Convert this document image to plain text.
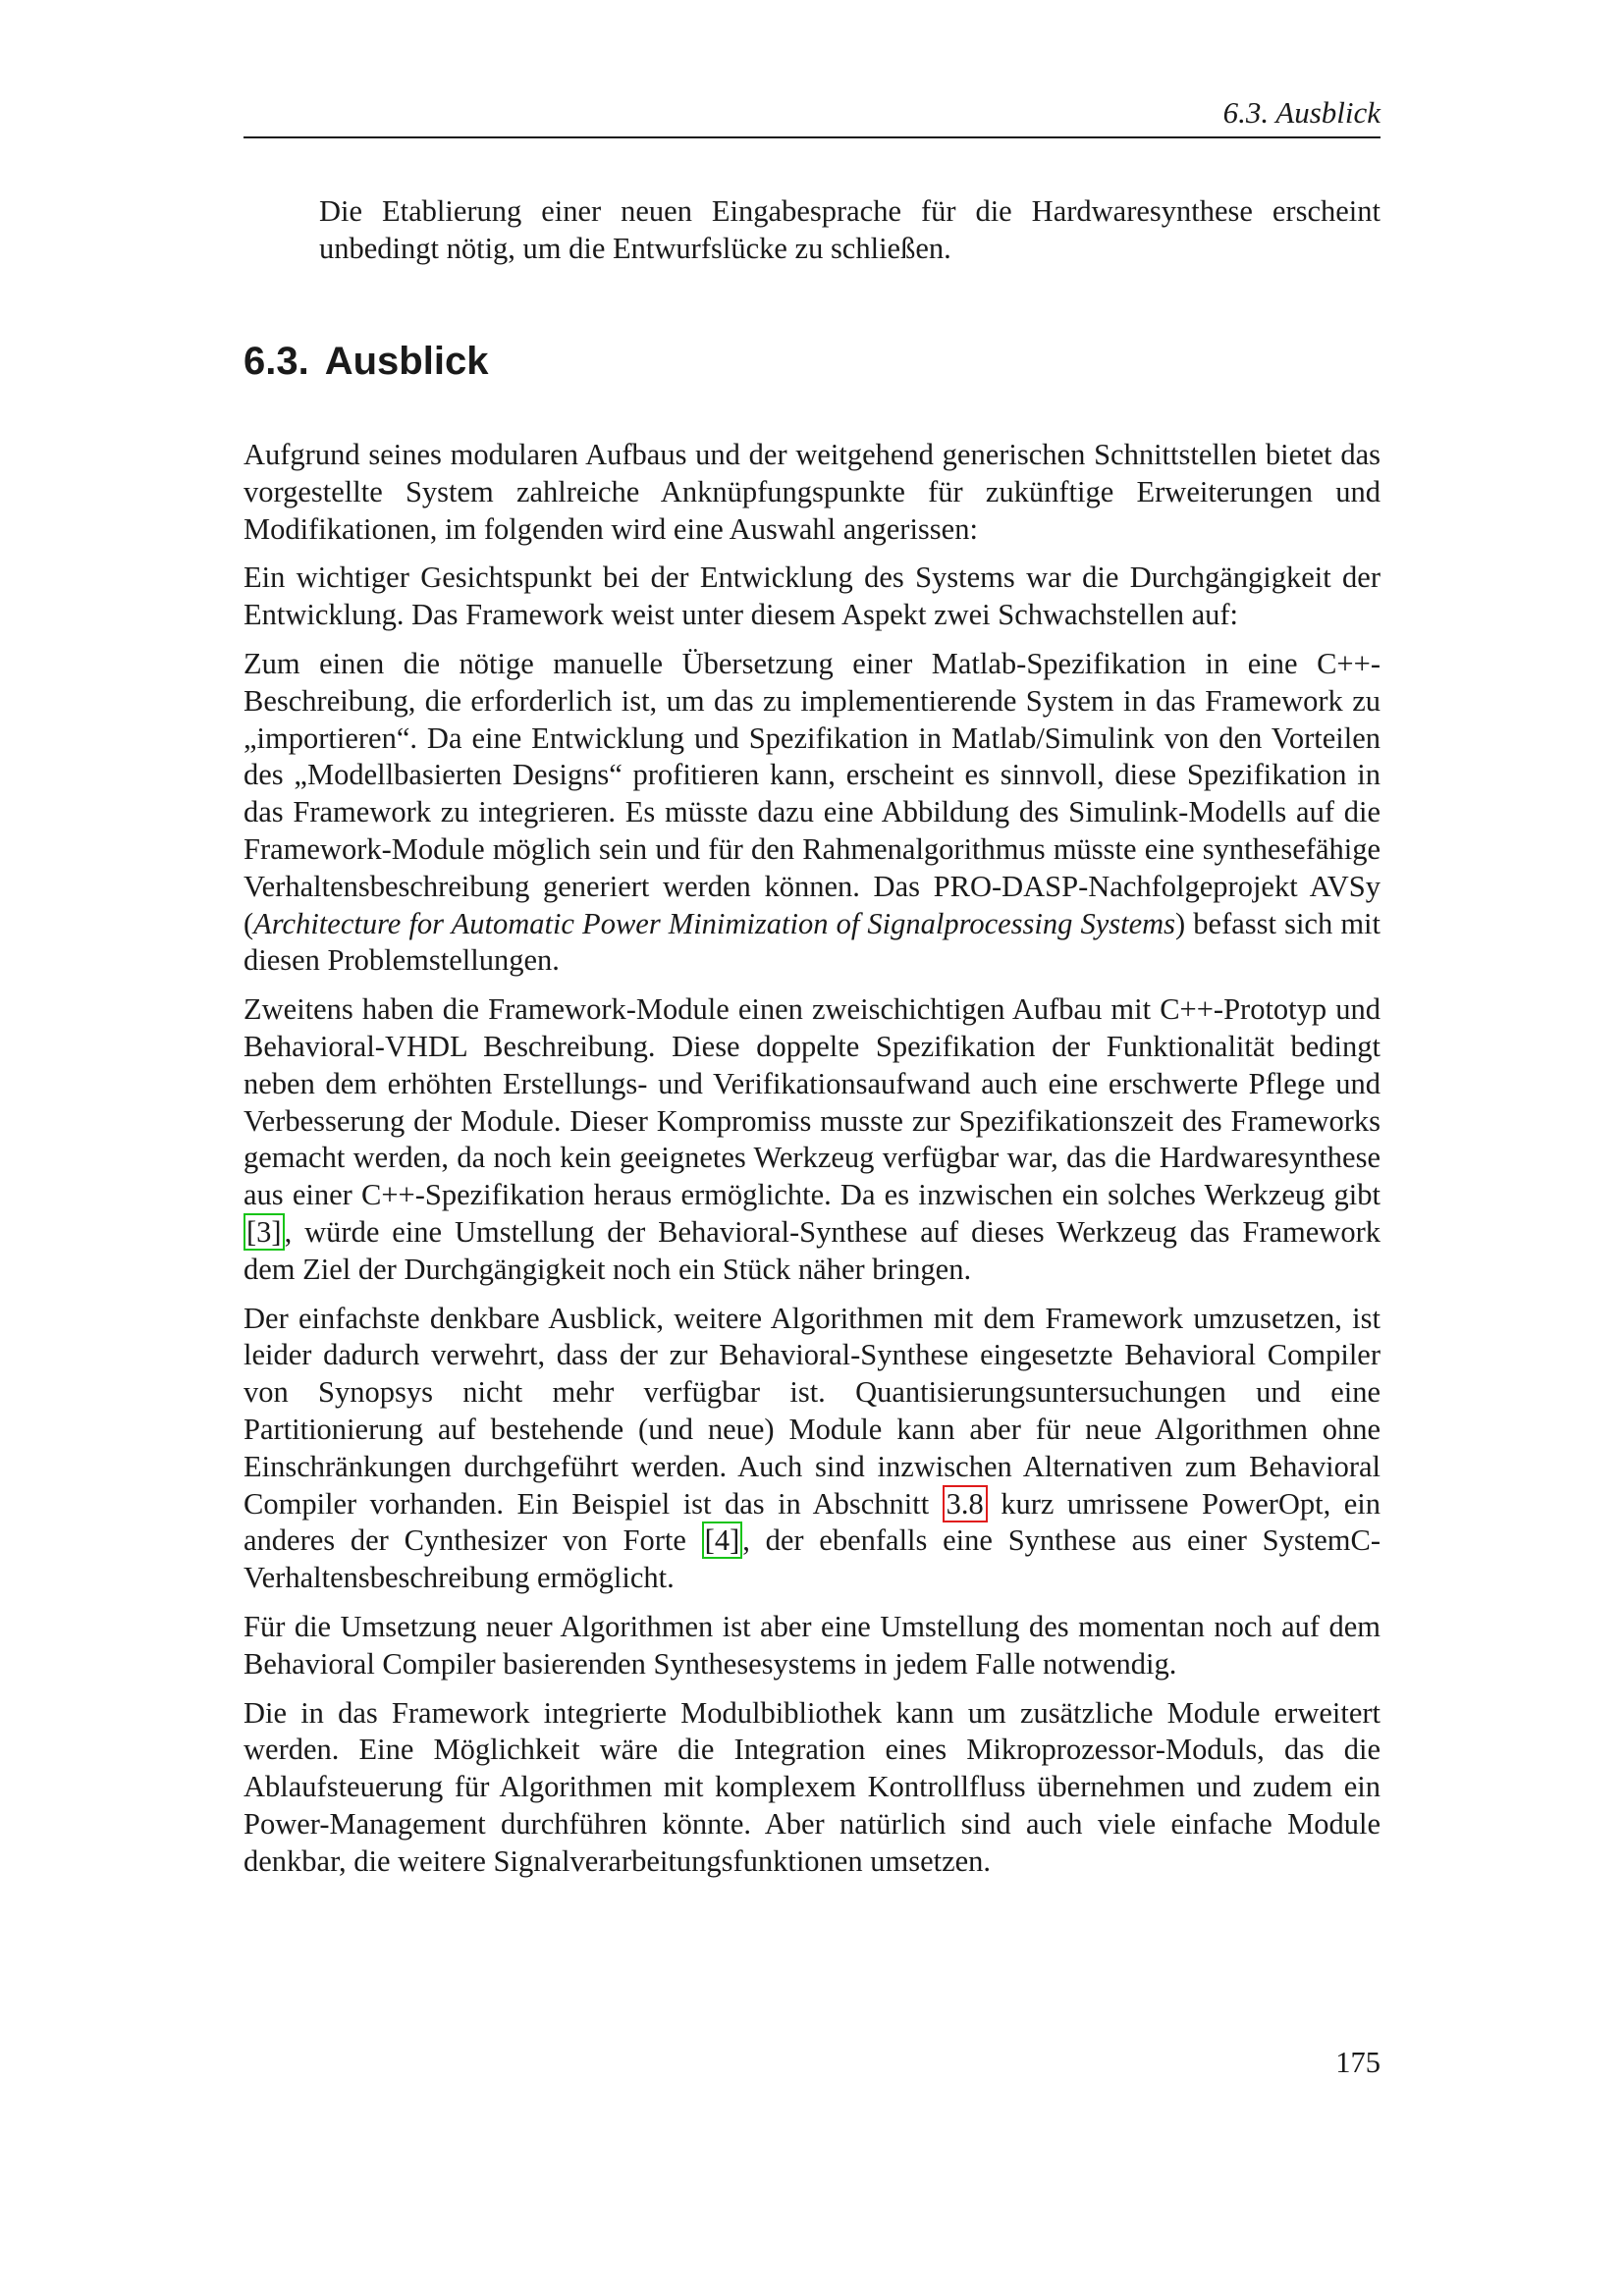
6.3. Ausblick
Die Etablierung einer neuen Eingabesprache für die Hardwaresynthese erscheint unbedingt nötig, um die Entwurfslücke zu schließen.
6.3. Ausblick

Aufgrund seines modularen Aufbaus und der weitgehend generischen Schnittstellen bietet das vorgestellte System zahlreiche Anknüpfungspunkte für zukünftige Erweiterungen und Modifikationen, im folgenden wird eine Auswahl angerissen:

Ein wichtiger Gesichtspunkt bei der Entwicklung des Systems war die Durchgängigkeit der Entwicklung. Das Framework weist unter diesem Aspekt zwei Schwachstellen auf:

Zum einen die nötige manuelle Übersetzung einer Matlab-Spezifikation in eine C++-Beschreibung, die erforderlich ist, um das zu implementierende System in das Framework zu „importieren“. Da eine Entwicklung und Spezifikation in Matlab/Simulink von den Vorteilen des „Modellbasierten Designs“ profitieren kann, erscheint es sinnvoll, diese Spezifikation in das Framework zu integrieren. Es müsste dazu eine Abbildung des Simulink-Modells auf die Framework-Module möglich sein und für den Rahmenalgorithmus müsste eine synthesefähige Verhaltensbeschreibung generiert werden können. Das PRO-DASP-Nachfolgeprojekt AVSy (Architecture for Automatic Power Minimization of Signalprocessing Systems) befasst sich mit diesen Problemstellungen.

Zweitens haben die Framework-Module einen zweischichtigen Aufbau mit C++-Prototyp und Behavioral-VHDL Beschreibung. Diese doppelte Spezifikation der Funktionalität bedingt neben dem erhöhten Erstellungs- und Verifikationsaufwand auch eine erschwerte Pflege und Verbesserung der Module. Dieser Kompromiss musste zur Spezifikationszeit des Frameworks gemacht werden, da noch kein geeignetes Werkzeug verfügbar war, das die Hardwaresynthese aus einer C++-Spezifikation heraus ermöglichte. Da es inzwischen ein solches Werkzeug gibt [3], würde eine Umstellung der Behavioral-Synthese auf dieses Werkzeug das Framework dem Ziel der Durchgängigkeit noch ein Stück näher bringen.

Der einfachste denkbare Ausblick, weitere Algorithmen mit dem Framework umzusetzen, ist leider dadurch verwehrt, dass der zur Behavioral-Synthese eingesetzte Behavioral Compiler von Synopsys nicht mehr verfügbar ist. Quantisierungsuntersuchungen und eine Partitionierung auf bestehende (und neue) Module kann aber für neue Algorithmen ohne Einschränkungen durchgeführt werden. Auch sind inzwischen Alternativen zum Behavioral Compiler vorhanden. Ein Beispiel ist das in Abschnitt 3.8 kurz umrissene PowerOpt, ein anderes der Cynthesizer von Forte [4], der ebenfalls eine Synthese aus einer SystemC-Verhaltensbeschreibung ermöglicht.

Für die Umsetzung neuer Algorithmen ist aber eine Umstellung des momentan noch auf dem Behavioral Compiler basierenden Synthesesystems in jedem Falle notwendig.

Die in das Framework integrierte Modulbibliothek kann um zusätzliche Module erweitert werden. Eine Möglichkeit wäre die Integration eines Mikroprozessor-Moduls, das die Ablaufsteuerung für Algorithmen mit komplexem Kontrollfluss übernehmen und zudem ein Power-Management durchführen könnte. Aber natürlich sind auch viele einfache Module denkbar, die weitere Signalverarbeitungsfunktionen umsetzen.

175
